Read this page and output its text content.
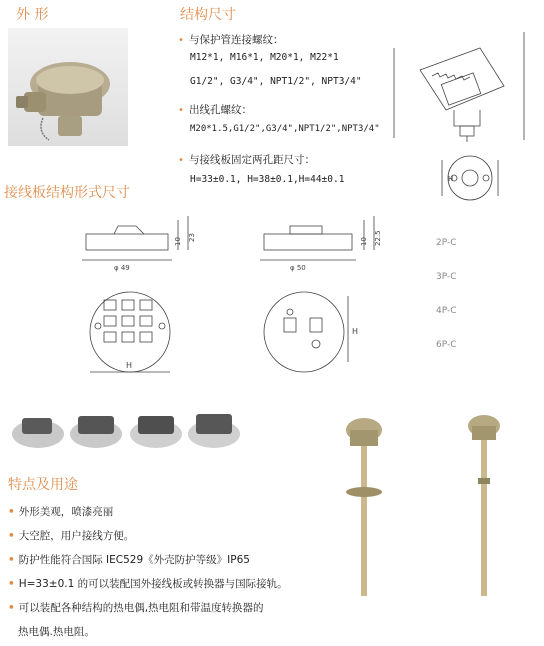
外 形	结构尺寸
• 与保护管连接螺纹：
M12*1, M16*1, M20*1, M22*1
G1/2", G3/4", NPT1/2", NPT3/4"
• 出线孔螺纹：
M20*1.5,G1/2",G3/4",NPT1/2",NPT3/4"
• 与接线板固定两孔距尺寸：
H=33±0.1, H=38±0.1,H=44±0.1	H
接线板结构形式尺寸
φ 49
10 23
H
φ 50
10 22.5
H
2P-C
3P-C
4P-C
6P-C
特点及用途
• 外形美观，喷漆亮丽
• 大空腔，用户接线方便。
• 防护性能符合国际 IEC529《外壳防护等级》IP65
• H=33±0.1 的可以装配国外接线板或转换器与国际接轨。
• 可以装配各种结构的热电偶,热电阻和带温度转换器的
热电偶.热电阻。
